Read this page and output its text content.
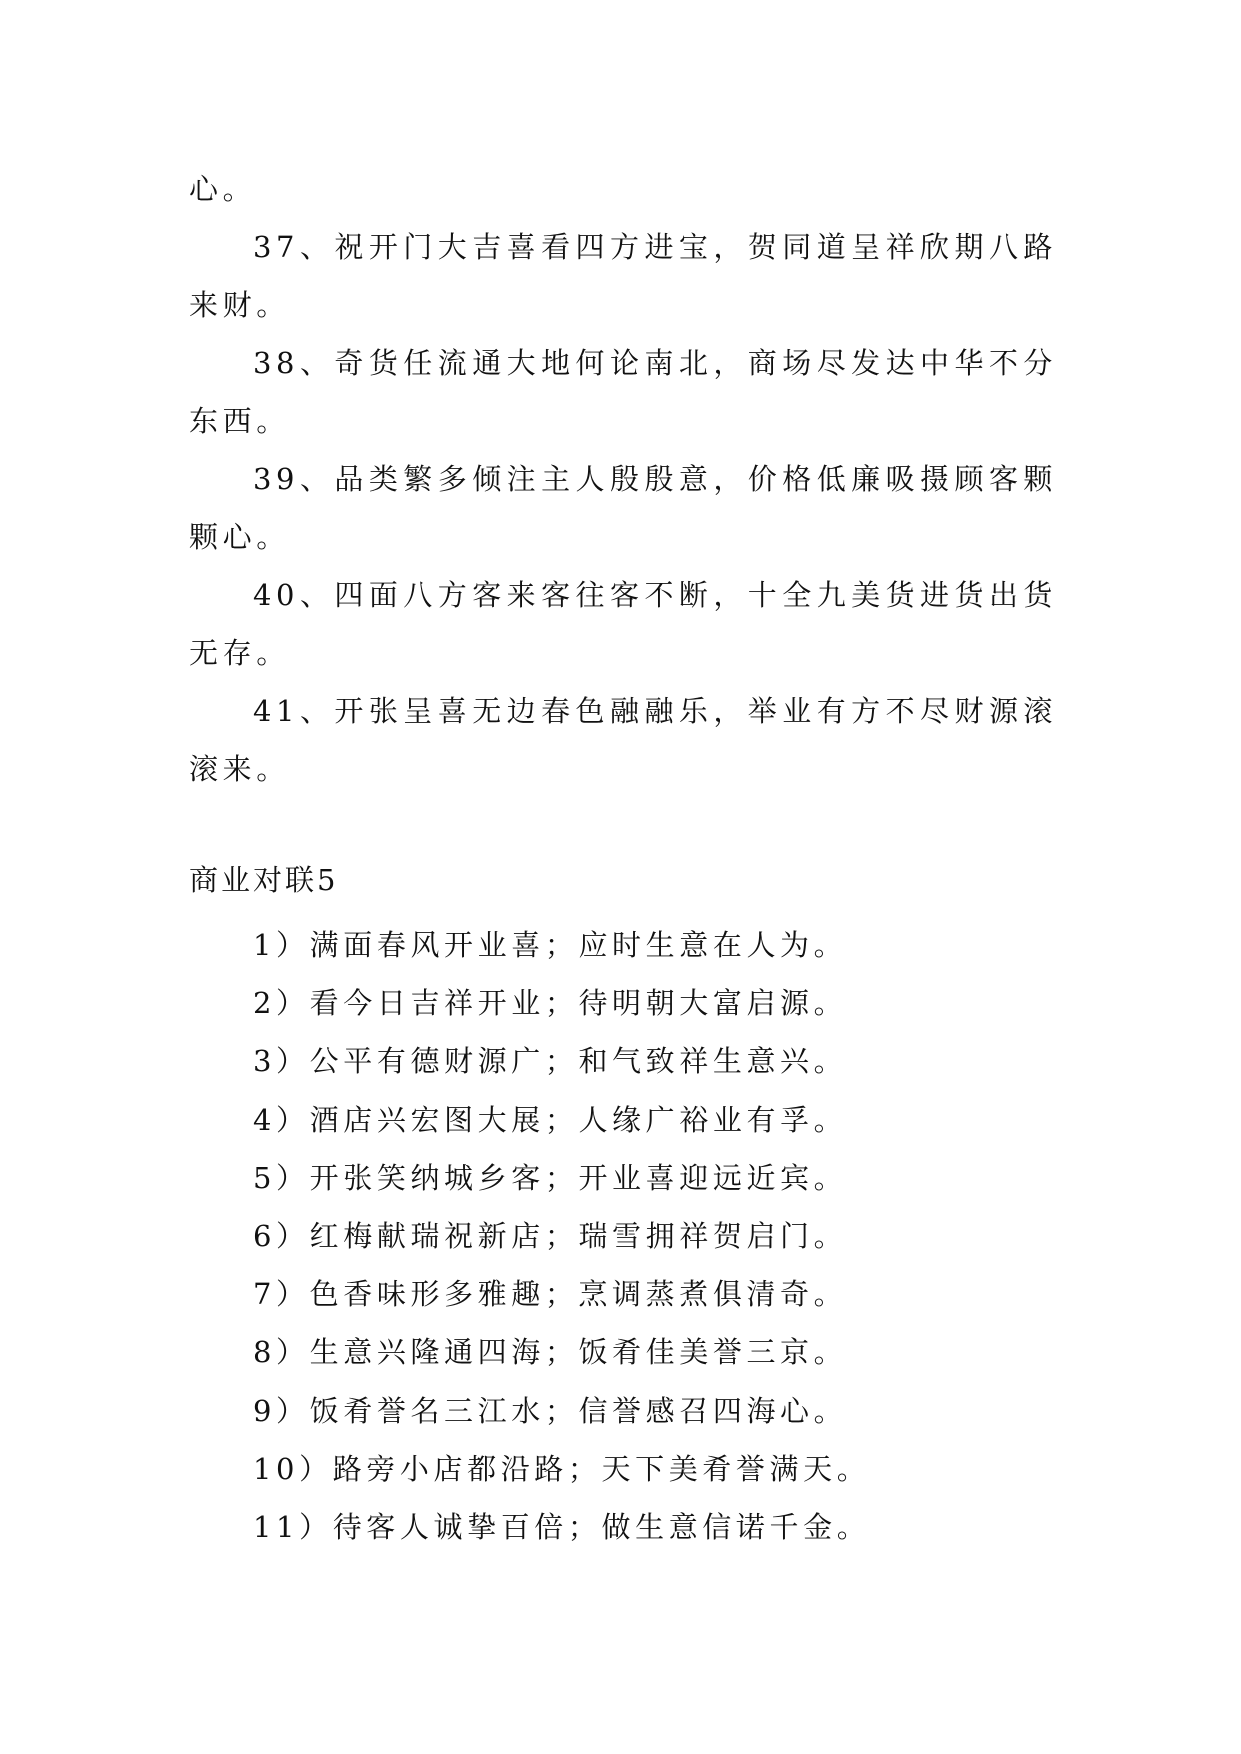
心。

37、祝开门大吉喜看四方进宝，贺同道呈祥欣期八路来财。

38、奇货任流通大地何论南北，商场尽发达中华不分东西。

39、品类繁多倾注主人殷殷意，价格低廉吸摄顾客颗颗心。

40、四面八方客来客往客不断，十全九美货进货出货无存。

41、开张呈喜无边春色融融乐，举业有方不尽财源滚滚来。

商业对联5
1）满面春风开业喜；应时生意在人为。
2）看今日吉祥开业；待明朝大富启源。
3）公平有德财源广；和气致祥生意兴。
4）酒店兴宏图大展；人缘广裕业有孚。
5）开张笑纳城乡客；开业喜迎远近宾。
6）红梅献瑞祝新店；瑞雪拥祥贺启门。
7）色香味形多雅趣；烹调蒸煮俱清奇。
8）生意兴隆通四海；饭肴佳美誉三京。
9）饭肴誉名三江水；信誉感召四海心。
10）路旁小店都沿路；天下美肴誉满天。
11）待客人诚挚百倍；做生意信诺千金。
